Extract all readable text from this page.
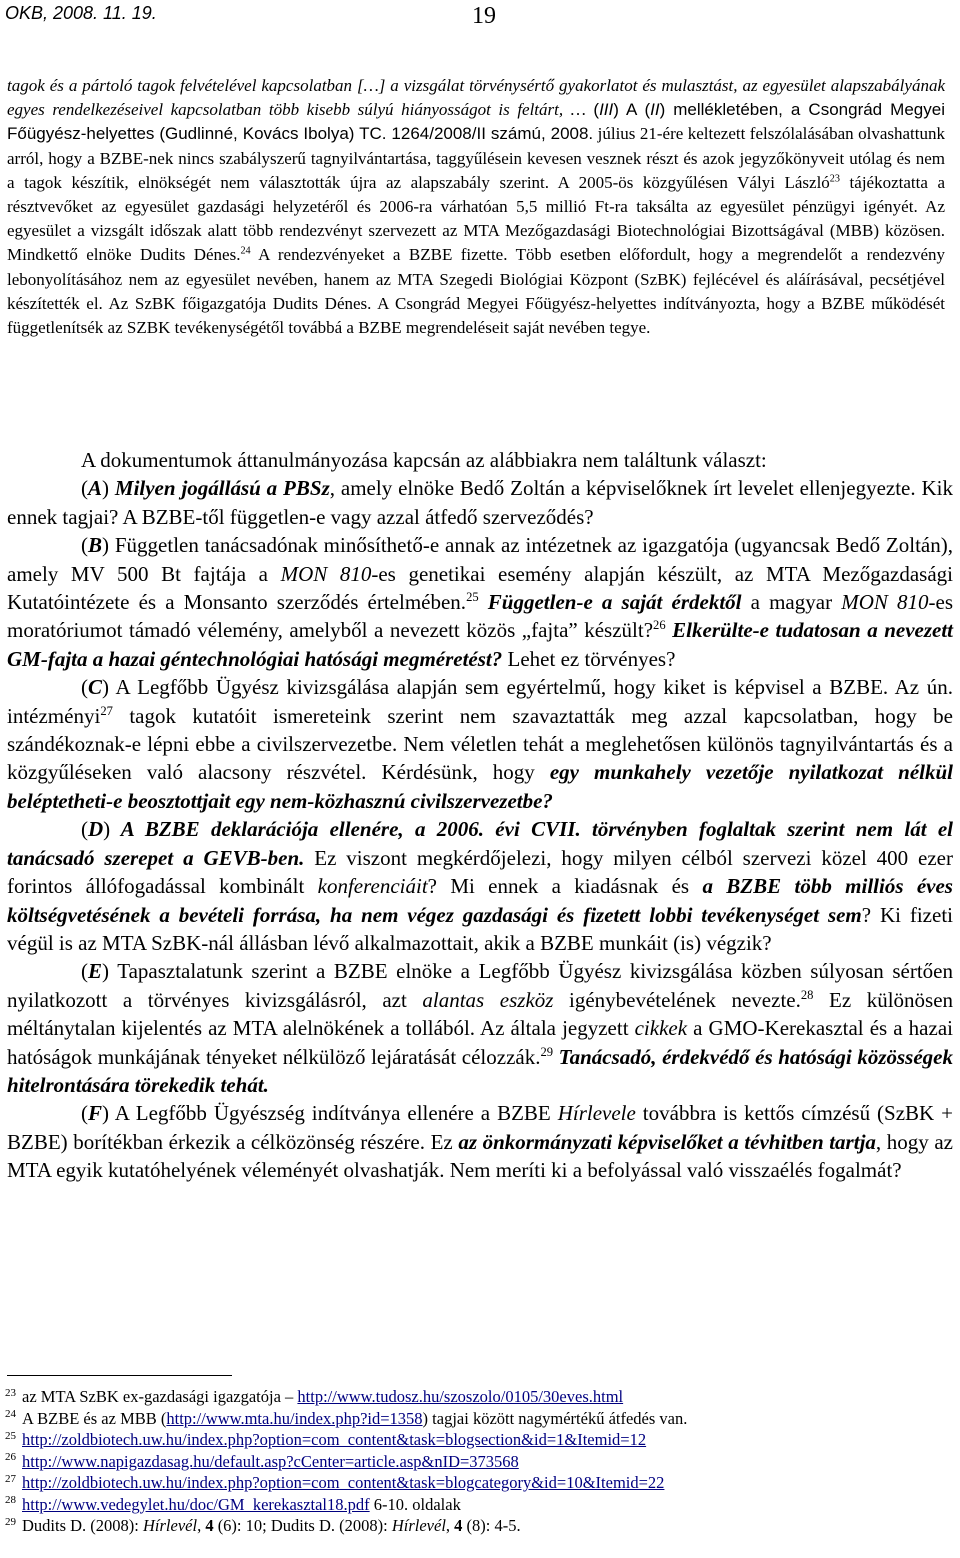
OKB, 2008. 11. 19.	19

tagok és a pártoló tagok felvételével kapcsolatban […] a vizsgálat törvénysértő gyakorlatot és mulasztást, az egyesület alapszabályának egyes rendelkezéseivel kapcsolatban több kisebb súlyú hiányosságot is feltárt, … (III) A (II) mellékletében, a Csongrád Megyei Főügyész-helyettes (Gudlinné, Kovács Ibolya) TC. 1264/2008/II számú, 2008. július 21-ére keltezett felszólalásában olvashattunk arról, hogy a BZBE-nek nincs szabályszerű tagnyilvántartása, taggyűlésein kevesen vesznek részt és azok jegyzőkönyveit utólag és nem a tagok készítik, elnökségét nem választották újra az alapszabály szerint. A 2005-ös közgyűlésen Vályi László$^{23}$ tájékoztatta a résztvevőket az egyesület gazdasági helyzetéről és 2006-ra várhatóan 5,5 millió Ft-ra taksálta az egyesület pénzügyi igényét. Az egyesület a vizsgált időszak alatt több rendezvényt szervezett az MTA Mezőgazdasági Biotechnológiai Bizottságával (MBB) közösen. Mindkettő elnöke Dudits Dénes.$^{24}$ A rendezvényeket a BZBE fizette. Több esetben előfordult, hogy a megrendelőt a rendezvény lebonyolításához nem az egyesület nevében, hanem az MTA Szegedi Biológiai Központ (SzBK) fejlécével és aláírásával, pecsétjével készítették el. Az SzBK főigazgatója Dudits Dénes. A Csongrád Megyei Főügyész-helyettes indítványozta, hogy a BZBE működését függetlenítsék az SZBK tevékenységétől továbbá a BZBE megrendeléseit saját nevében tegye.

A dokumentumok áttanulmányozása kapcsán az alábbiakra nem találtunk választ:

(A) Milyen jogállású a PBSz, amely elnöke Bedő Zoltán a képviselőknek írt levelet ellenjegyezte. Kik ennek tagjai? A BZBE-től független-e vagy azzal átfedő szerveződés?

(B) Független tanácsadónak minősíthető-e annak az intézetnek az igazgatója (ugyancsak Bedő Zoltán), amely MV 500 Bt fajtája a MON 810-es genetikai esemény alapján készült, az MTA Mezőgazdasági Kutatóintézete és a Monsanto szerződés értelmében.$^{25}$ Független-e a saját érdektől a magyar MON 810-es moratóriumot támadó vélemény, amelyből a nevezett közös „fajta” készült?$^{26}$ Elkerülte-e tudatosan a nevezett GM-fajta a hazai géntechnológiai hatósági megméretést? Lehet ez törvényes?

(C) A Legfőbb Ügyész kivizsgálása alapján sem egyértelmű, hogy kiket is képvisel a BZBE. Az ún. intézményi$^{27}$ tagok kutatóit ismereteink szerint nem szavaztatták meg azzal kapcsolatban, hogy be szándékoznak-e lépni ebbe a civilszervezetbe. Nem véletlen tehát a meglehetősen különös tagnyilvántartás és a közgyűléseken való alacsony részvétel. Kérdésünk, hogy egy munkahely vezetője nyilatkozat nélkül beléptetheti-e beosztottjait egy nem-közhasznú civilszervezetbe?

(D) A BZBE deklarációja ellenére, a 2006. évi CVII. törvényben foglaltak szerint nem lát el tanácsadó szerepet a GEVB-ben. Ez viszont megkérdőjelezi, hogy milyen célból szervezi közel 400 ezer forintos állófogadással kombinált konferenciáit? Mi ennek a kiadásnak és a BZBE több milliós éves költségvetésének a bevételi forrása, ha nem végez gazdasági és fizetett lobbi tevékenységet sem? Ki fizeti végül is az MTA SzBK-nál állásban lévő alkalmazottait, akik a BZBE munkáit (is) végzik?

(E) Tapasztalatunk szerint a BZBE elnöke a Legfőbb Ügyész kivizsgálása közben súlyosan sértően nyilatkozott a törvényes kivizsgálásról, azt alantas eszköz igénybevételének nevezte.$^{28}$ Ez különösen méltánytalan kijelentés az MTA alelnökének a tollából. Az általa jegyzett cikkek a GMO-Kerekasztal és a hazai hatóságok munkájának tényeket nélkülöző lejáratását célozzák.$^{29}$ Tanácsadó, érdekvédő és hatósági közösségek hitelrontására törekedik tehát.

(F) A Legfőbb Ügyészség indítványa ellenére a BZBE Hírlevele továbbra is kettős címzésű (SzBK + BZBE) borítékban érkezik a célközönség részére. Ez az önkormányzati képviselőket a tévhitben tartja, hogy az MTA egyik kutatóhelyének véleményét olvashatják. Nem meríti ki a befolyással való visszaélés fogalmát?

$^{23}$ az MTA SzBK ex-gazdasági igazgatója – http://www.tudosz.hu/szoszolo/0105/30eves.html
$^{24}$ A BZBE és az MBB (http://www.mta.hu/index.php?id=1358) tagjai között nagymértékű átfedés van.
$^{25}$ http://zoldbiotech.uw.hu/index.php?option=com_content&task=blogsection&id=1&Itemid=12
$^{26}$ http://www.napigazdasag.hu/default.asp?cCenter=article.asp&nID=373568
$^{27}$ http://zoldbiotech.uw.hu/index.php?option=com_content&task=blogcategory&id=10&Itemid=22
$^{28}$ http://www.vedegylet.hu/doc/GM_kerekasztal18.pdf 6-10. oldalak
$^{29}$ Dudits D. (2008): Hírlevél, 4 (6): 10; Dudits D. (2008): Hírlevél, 4 (8): 4-5.
